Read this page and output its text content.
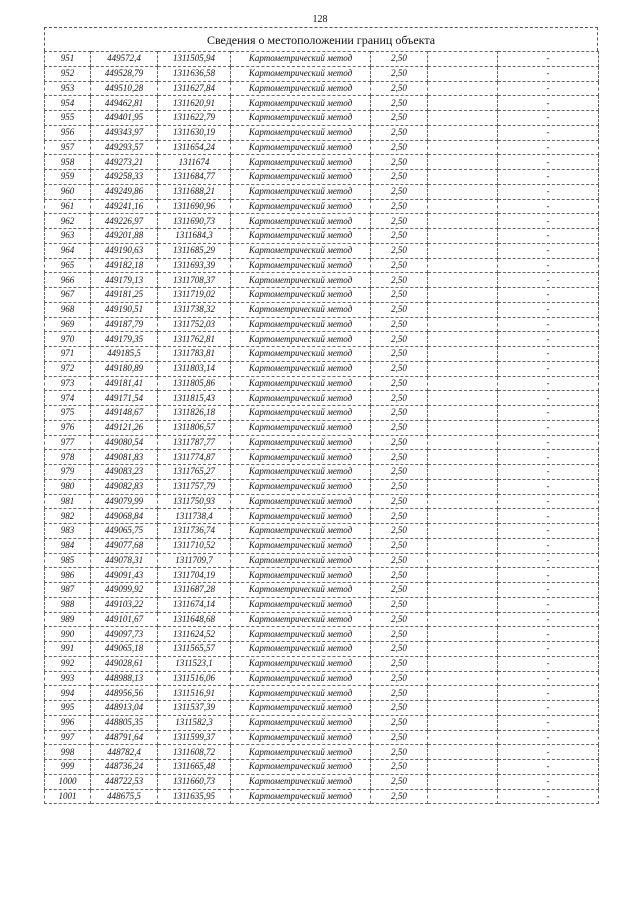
128
Сведения о местоположении границ объекта
951	449572,4	1311505,94	Картометрический метод	2,50		-
952	449528,79	1311636,58	Картометрический метод	2,50		-
953	449510,28	1311627,84	Картометрический метод	2,50		-
954	449462,81	1311620,91	Картометрический метод	2,50		-
955	449401,95	1311622,79	Картометрический метод	2,50		-
956	449343,97	1311630,19	Картометрический метод	2,50		-
957	449293,57	1311654,24	Картометрический метод	2,50		-
958	449273,21	1311674	Картометрический метод	2,50		-
959	449258,33	1311684,77	Картометрический метод	2,50		-
960	449249,86	1311688,21	Картометрический метод	2,50		-
961	449241,16	1311690,96	Картометрический метод	2,50		-
962	449226,97	1311690,73	Картометрический метод	2,50		-
963	449201,88	1311684,3	Картометрический метод	2,50		-
964	449190,63	1311685,29	Картометрический метод	2,50		-
965	449182,18	1311693,39	Картометрический метод	2,50		-
966	449179,13	1311708,37	Картометрический метод	2,50		-
967	449181,25	1311719,02	Картометрический метод	2,50		-
968	449190,51	1311738,32	Картометрический метод	2,50		-
969	449187,79	1311752,03	Картометрический метод	2,50		-
970	449179,35	1311762,81	Картометрический метод	2,50		-
971	449185,5	1311783,81	Картометрический метод	2,50		-
972	449180,89	1311803,14	Картометрический метод	2,50		-
973	449181,41	1311805,86	Картометрический метод	2,50		-
974	449171,54	1311815,43	Картометрический метод	2,50		-
975	449148,67	1311826,18	Картометрический метод	2,50		-
976	449121,26	1311806,57	Картометрический метод	2,50		-
977	449080,54	1311787,77	Картометрический метод	2,50		-
978	449081,83	1311774,87	Картометрический метод	2,50		-
979	449083,23	1311765,27	Картометрический метод	2,50		-
980	449082,83	1311757,79	Картометрический метод	2,50		-
981	449079,99	1311750,93	Картометрический метод	2,50		-
982	449068,84	1311738,4	Картометрический метод	2,50		-
983	449065,75	1311736,74	Картометрический метод	2,50		-
984	449077,68	1311710,52	Картометрический метод	2,50		-
985	449078,31	1311709,7	Картометрический метод	2,50		-
986	449091,43	1311704,19	Картометрический метод	2,50		-
987	449099,92	1311687,28	Картометрический метод	2,50		-
988	449103,22	1311674,14	Картометрический метод	2,50		-
989	449101,67	1311648,68	Картометрический метод	2,50		-
990	449097,73	1311624,52	Картометрический метод	2,50		-
991	449065,18	1311565,57	Картометрический метод	2,50		-
992	449028,61	1311523,1	Картометрический метод	2,50		-
993	448988,13	1311516,06	Картометрический метод	2,50		-
994	448956,56	1311516,91	Картометрический метод	2,50		-
995	448913,04	1311537,39	Картометрический метод	2,50		-
996	448805,35	1311582,3	Картометрический метод	2,50		-
997	448791,64	1311599,37	Картометрический метод	2,50		-
998	448782,4	1311608,72	Картометрический метод	2,50		-
999	448736,24	1311665,48	Картометрический метод	2,50		-
1000	448722,53	1311660,73	Картометрический метод	2,50		-
1001	448675,5	1311635,95	Картометрический метод	2,50		-
